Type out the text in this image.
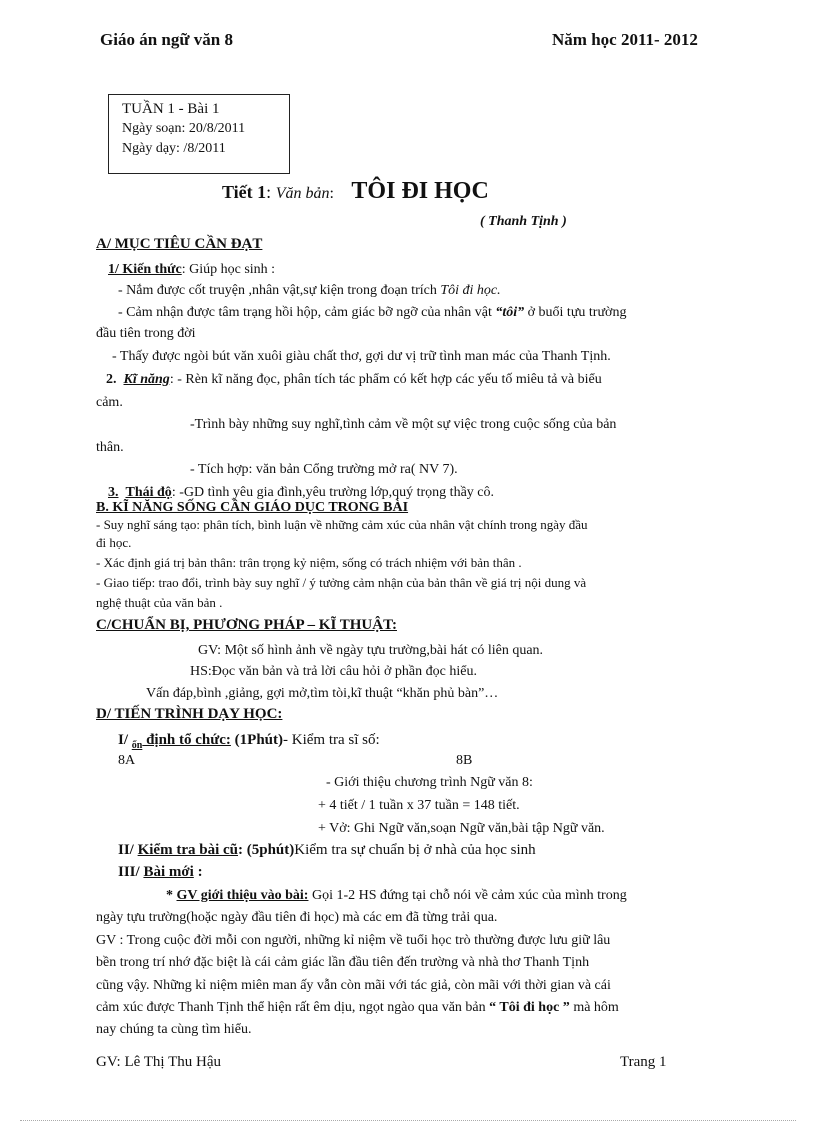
Giáo án ngữ văn 8	Năm học 2011- 2012
TUẦN 1 - Bài 1
Ngày soạn: 20/8/2011
Ngày dạy: /8/2011
Tiết 1: Văn bản: TÔI ĐI HỌC
( Thanh Tịnh )
A/ MỤC TIÊU CẦN ĐẠT
1/ Kiến thức: Giúp học sinh :
- Nắm được cốt truyện ,nhân vật,sự kiện trong đoạn trích Tôi đi học.
- Cảm nhận được tâm trạng hồi hộp, cảm giác bỡ ngỡ của nhân vật “tôi” ở buổi tựu trường
đầu tiên trong đời
- Thấy được ngòi bút văn xuôi giàu chất thơ, gợi dư vị trữ tình man mác của Thanh Tịnh.
2. Kĩ năng: - Rèn kĩ năng đọc, phân tích tác phẩm có kết hợp các yếu tố miêu tả và biểu
cảm.
-Trình bày những suy nghĩ,tình cảm về một sự việc trong cuộc sống của bản
thân.
- Tích hợp: văn bản Cổng trường mở ra( NV 7).
3. Thái độ: -GD tình yêu gia đình,yêu trường lớp,quý trọng thầy cô.
B. KĨ NĂNG SỐNG CẦN GIÁO DỤC TRONG BÀI
- Suy nghĩ sáng tạo: phân tích, bình luận về những cảm xúc của nhân vật chính trong ngày đầu
đi học.
- Xác định giá trị bản thân: trân trọng kỷ niệm, sống có trách nhiệm với bản thân .
- Giao tiếp: trao đổi, trình bày suy nghĩ / ý tưởng cảm nhận của bản thân về giá trị nội dung và
nghệ thuật của văn bản .
C/CHUẨN BỊ, PHƯƠNG PHÁP – KĨ THUẬT:
GV: Một số hình ảnh về ngày tựu trường,bài hát có liên quan.
HS:Đọc văn bản và trả lời câu hỏi ở phần đọc hiểu.
Vấn đáp,bình ,giảng, gợi mở,tìm tòi,kĩ thuật “khăn phủ bàn”…
D/ TIẾN TRÌNH DẠY HỌC:
I/ $_{ổn}$ định tổ chức: (1Phút)- Kiểm tra sĩ số:
8A	8B
- Giới thiệu chương trình Ngữ văn 8:
+ 4 tiết / 1 tuần x 37 tuần = 148 tiết.
+ Vở: Ghi Ngữ văn,soạn Ngữ văn,bài tập Ngữ văn.
II/ Kiểm tra bài cũ: (5phút)Kiểm tra sự chuẩn bị ở nhà của học sinh
III/ Bài mới :
* GV giới thiệu vào bài: Gọi 1-2 HS đứng tại chỗ nói về cảm xúc của mình trong
ngày tựu trường(hoặc ngày đầu tiên đi học) mà các em đã từng trải qua.
GV : Trong cuộc đời mỗi con người, những kỉ niệm về tuổi học trò thường được lưu giữ lâu
bền trong trí nhớ đặc biệt là cái cảm giác lần đầu tiên đến trường và nhà thơ Thanh Tịnh
cũng vậy. Những kỉ niệm miên man ấy vẫn còn mãi với tác giả, còn mãi với thời gian và cái
cảm xúc được Thanh Tịnh thể hiện rất êm dịu, ngọt ngào qua văn bản “ Tôi đi học ” mà hôm
nay chúng ta cùng tìm hiểu.
GV: Lê Thị Thu Hậu	Trang 1
